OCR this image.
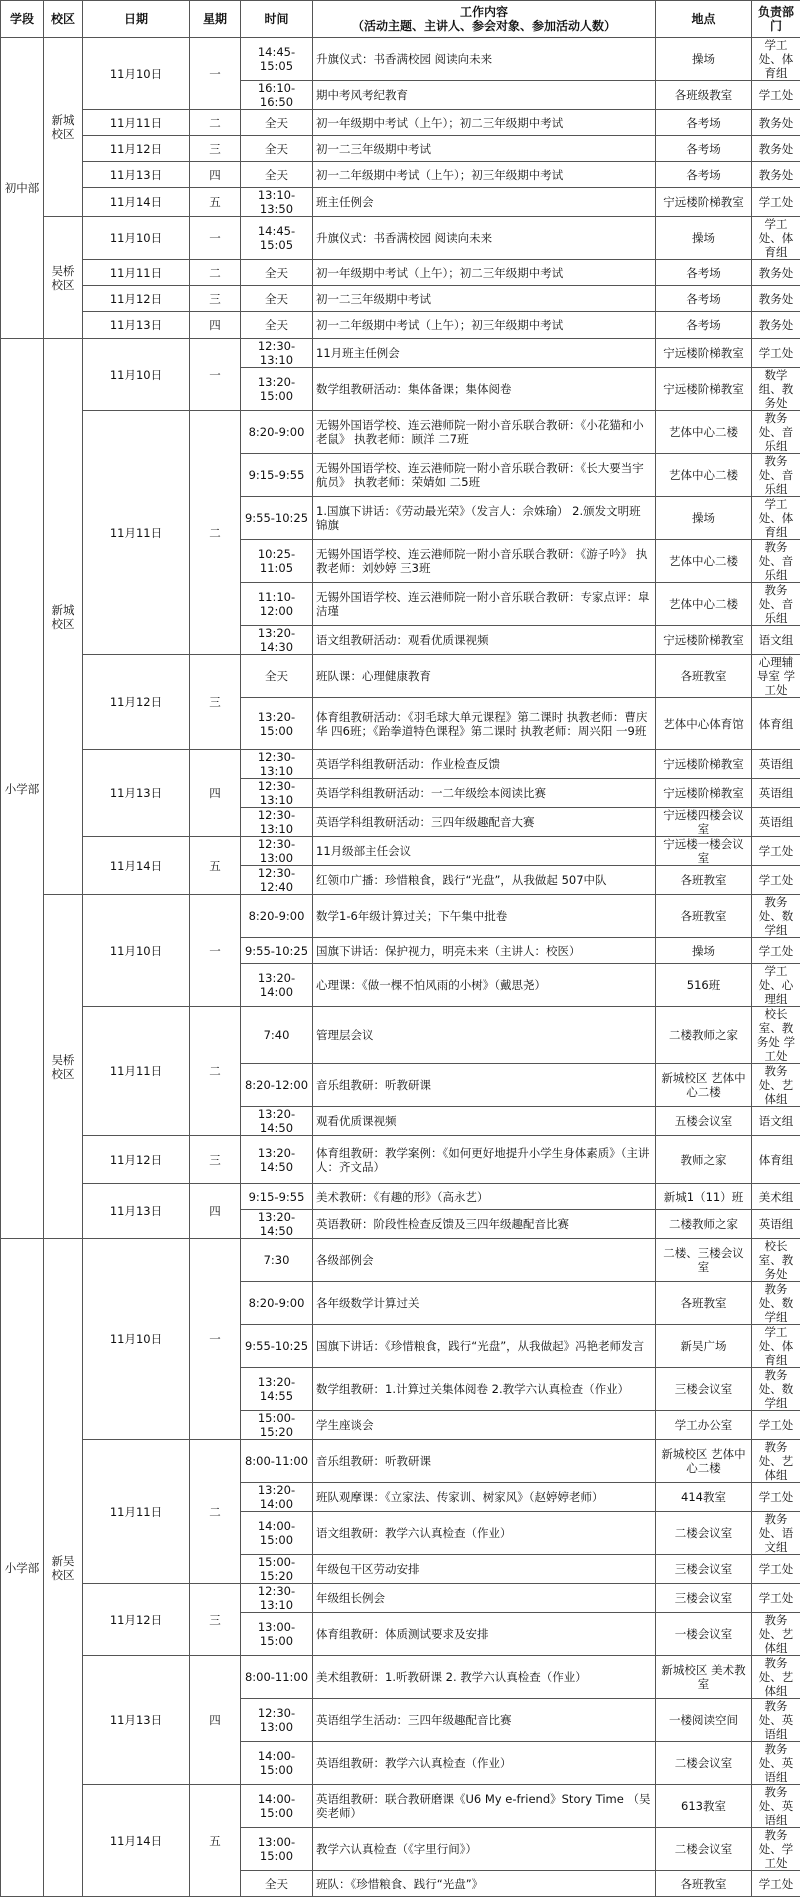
学段	校区	日期	星期	时间	工作内容
（活动主题、主讲人、参会对象、参加活动人数）	地点	负责部门
初中部	新城校区	11月10日	一	14:45-15:05	升旗仪式：书香满校园 阅读向未来	操场	学工处、体育组
				16:10-16:50	期中考风考纪教育	各班级教室	学工处
		11月11日	二	全天	初一年级期中考试（上午）；初二三年级期中考试	各考场	教务处
		11月12日	三	全天	初一二三年级期中考试	各考场	教务处
		11月13日	四	全天	初一二年级期中考试（上午）；初三年级期中考试	各考场	教务处
		11月14日	五	13:10-13:50	班主任例会	宁远楼阶梯教室	学工处
	吴桥校区	11月10日	一	14:45-15:05	升旗仪式：书香满校园 阅读向未来	操场	学工处、体育组
		11月11日	二	全天	初一年级期中考试（上午）；初二三年级期中考试	各考场	教务处
		11月12日	三	全天	初一二三年级期中考试	各考场	教务处
		11月13日	四	全天	初一二年级期中考试（上午）；初三年级期中考试	各考场	教务处
小学部	新城校区	11月10日	一	12:30-13:10	11月班主任例会	宁远楼阶梯教室	学工处
				13:20-15:00	数学组教研活动：集体备课；集体阅卷	宁远楼阶梯教室	数学组、教务处
		11月11日	二	8:20-9:00	无锡外国语学校、连云港师院一附小音乐联合教研：《小花猫和小老鼠》 执教老师：顾洋 二7班	艺体中心二楼	教务处、音乐组
				9:15-9:55	无锡外国语学校、连云港师院一附小音乐联合教研：《长大要当宇航员》 执教老师：荣婧如 二5班	艺体中心二楼	教务处、音乐组
				9:55-10:25	1.国旗下讲话：《劳动最光荣》（发言人：佘姝瑜） 2.颁发文明班锦旗	操场	学工处、体育组
				10:25-11:05	无锡外国语学校、连云港师院一附小音乐联合教研：《游子吟》 执教老师：刘妙婷 三3班	艺体中心二楼	教务处、音乐组
				11:10-12:00	无锡外国语学校、连云港师院一附小音乐联合教研：专家点评：皐洁瑾	艺体中心二楼	教务处、音乐组
				13:20-14:30	语文组教研活动：观看优质课视频	宁远楼阶梯教室	语文组
		11月12日	三	全天	班队课：心理健康教育	各班教室	心理辅导室 学工处
				13:20-15:00	体育组教研活动：《羽毛球大单元课程》第二课时 执教老师：曹庆华 四6班；《跆拳道特色课程》第二课时 执教老师：周兴阳 一9班	艺体中心体育馆	体育组
		11月13日	四	12:30-13:10	英语学科组教研活动：作业检查反馈	宁远楼阶梯教室	英语组
				12:30-13:10	英语学科组教研活动：一二年级绘本阅读比赛	宁远楼阶梯教室	英语组
				12:30-13:10	英语学科组教研活动：三四年级趣配音大赛	宁远楼四楼会议室	英语组
		11月14日	五	12:30-13:00	11月级部主任会议	宁远楼一楼会议室	学工处
				12:30-12:40	红领巾广播：珍惜粮食，践行“光盘”，从我做起 507中队	各班教室	学工处
	吴桥校区	11月10日	一	8:20-9:00	数学1-6年级计算过关；下午集中批卷	各班教室	教务处、数学组
				9:55-10:25	国旗下讲话：保护视力，明亮未来（主讲人：校医）	操场	学工处
				13:20-14:00	心理课：《做一棵不怕风雨的小树》（戴思尧）	516班	学工处、心理组
		11月11日	二	7:40	管理层会议	二楼教师之家	校长室、教务处 学工处
				8:20-12:00	音乐组教研：听教研课	新城校区 艺体中心二楼	教务处、艺体组
				13:20-14:50	观看优质课视频	五楼会议室	语文组
		11月12日	三	13:20-14:50	体育组教研：教学案例：《如何更好地提升小学生身体素质》（主讲人：齐文品）	教师之家	体育组
		11月13日	四	9:15-9:55	美术教研：《有趣的形》（高永艺）	新城1（11）班	美术组
				13:20-14:50	英语教研：阶段性检查反馈及三四年级趣配音比赛	二楼教师之家	英语组
小学部	新吴校区	11月10日	一	7:30	各级部例会	二楼、三楼会议室	校长室、教务处
				8:20-9:00	各年级数学计算过关	各班教室	教务处、数学组
				9:55-10:25	国旗下讲话：《珍惜粮食，践行“光盘”，从我做起》冯艳老师发言	新吴广场	学工处、体育组
				13:20-14:55	数学组教研：1.计算过关集体阅卷 2.教学六认真检查（作业）	三楼会议室	教务处、数学组
				15:00-15:20	学生座谈会	学工办公室	学工处
		11月11日	二	8:00-11:00	音乐组教研：听教研课	新城校区 艺体中心二楼	教务处、艺体组
				13:20-14:00	班队观摩课：《立家法、传家训、树家风》（赵婷婷老师）	414教室	学工处
				14:00-15:00	语文组教研：教学六认真检查（作业）	二楼会议室	教务处、语文组
				15:00-15:20	年级包干区劳动安排	三楼会议室	学工处
		11月12日	三	12:30-13:10	年级组长例会	三楼会议室	学工处
				13:00-15:00	体育组教研：体质测试要求及安排	一楼会议室	教务处、艺体组
		11月13日	四	8:00-11:00	美术组教研：1.听教研课 2. 教学六认真检查（作业）	新城校区 美术教室	教务处、艺体组
				12:30-13:00	英语组学生活动：三四年级趣配音比赛	一楼阅读空间	教务处、英语组
				14:00-15:00	英语组教研：教学六认真检查（作业）	二楼会议室	教务处、英语组
		11月14日	五	14:00-15:00	英语组教研：联合教研磨课《U6 My e-friend》Story Time （吴奕老师）	613教室	教务处、英语组
				13:00-15:00	教学六认真检查（《字里行间》）	二楼会议室	教务处、学工处
				全天	班队：《珍惜粮食、践行“光盘”》	各班教室	学工处
